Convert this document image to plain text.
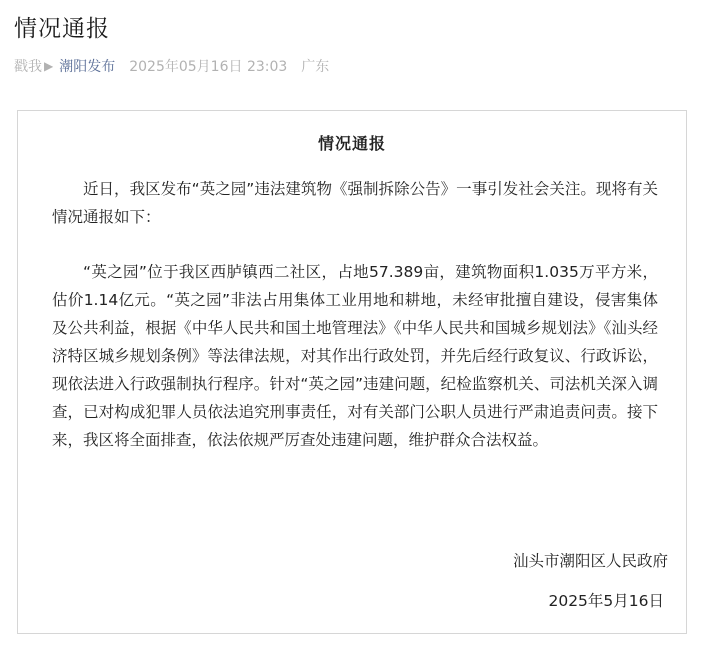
情况通报
戳我 ▶ 潮阳发布 2025年05月16日 23:03 广东
情况通报

近日，我区发布“英之园”违法建筑物《强制拆除公告》一事引发社会关注。现将有关情况通报如下：

“英之园”位于我区西胪镇西二社区，占地57.389亩，建筑物面积1.035万平方米，估价1.14亿元。“英之园”非法占用集体工业用地和耕地，未经审批擅自建设，侵害集体及公共利益，根据《中华人民共和国土地管理法》《中华人民共和国城乡规划法》《汕头经济特区城乡规划条例》等法律法规，对其作出行政处罚，并先后经行政复议、行政诉讼，现依法进入行政强制执行程序。针对“英之园”违建问题，纪检监察机关、司法机关深入调查，已对构成犯罪人员依法追究刑事责任，对有关部门公职人员进行严肃追责问责。接下来，我区将全面排查，依法依规严厉查处违建问题，维护群众合法权益。

汕头市潮阳区人民政府
2025年5月16日
